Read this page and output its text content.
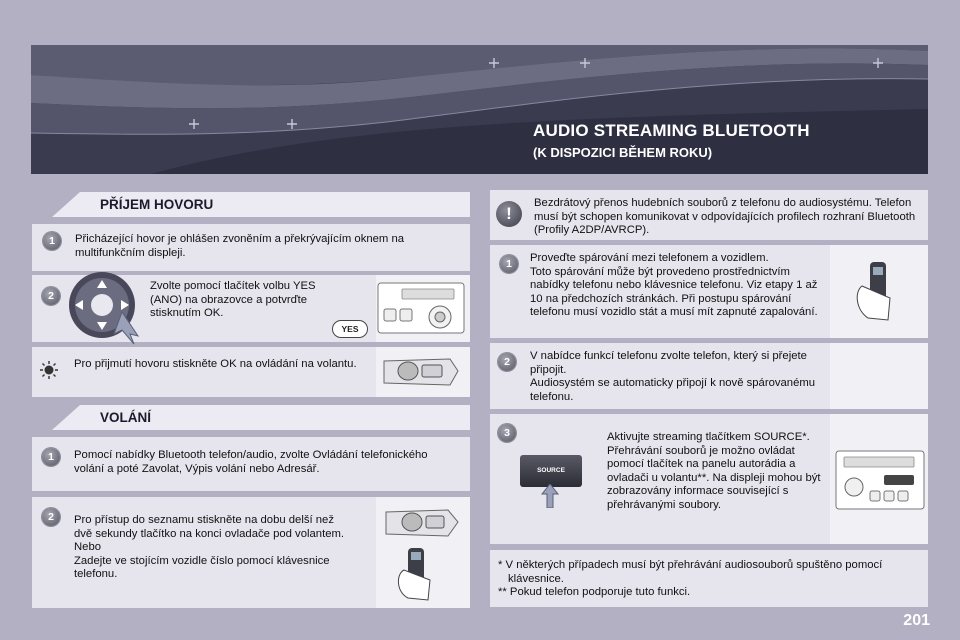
AUDIO STREAMING BLUETOOTH
(K DISPOZICI BĚHEM ROKU)
PŘÍJEM HOVORU
1	Přicházející hovor je ohlášen zvoněním a překrývajícím oknem na multifunkčním displeji.
2
Zvolte pomocí tlačítek volbu YES (ANO) na obrazovce a potvrďte stisknutím OK.
YES
Pro přijmutí hovoru stiskněte OK na ovládání na volantu.
VOLÁNÍ
1	Pomocí nabídky Bluetooth telefon/audio, zvolte Ovládání telefonického volání a poté Zavolat, Výpis volání nebo Adresář.
2	Pro přístup do seznamu stiskněte na dobu delší než dvě sekundy tlačítko na konci ovladače pod volantem.
Nebo
Zadejte ve stojícím vozidle číslo pomocí klávesnice telefonu.
!
Bezdrátový přenos hudebních souborů z telefonu do audiosystému. Telefon musí být schopen komunikovat v odpovídajících profilech rozhraní Bluetooth (Profily A2DP/AVRCP).
1	Proveďte spárování mezi telefonem a vozidlem.
Toto spárování může být provedeno prostřednictvím nabídky telefonu nebo klávesnice telefonu. Viz etapy 1 až 10 na předchozích stránkách. Při postupu spárování telefonu musí vozidlo stát a musí mít zapnuté zapalování.
2	V nabídce funkcí telefonu zvolte telefon, který si přejete připojit.
Audiosystém se automaticky připojí k nově spárovanému telefonu.
3	Aktivujte streaming tlačítkem SOURCE*. Přehrávání souborů je možno ovládat pomocí tlačítek na panelu autorádia a ovladači u volantu**. Na displeji mohou být zobrazovány informace související s přehrávanými soubory.
SOURCE
* V některých případech musí být přehrávání audiosouborů spuštěno pomocí klávesnice.
** Pokud telefon podporuje tuto funkci.
201
